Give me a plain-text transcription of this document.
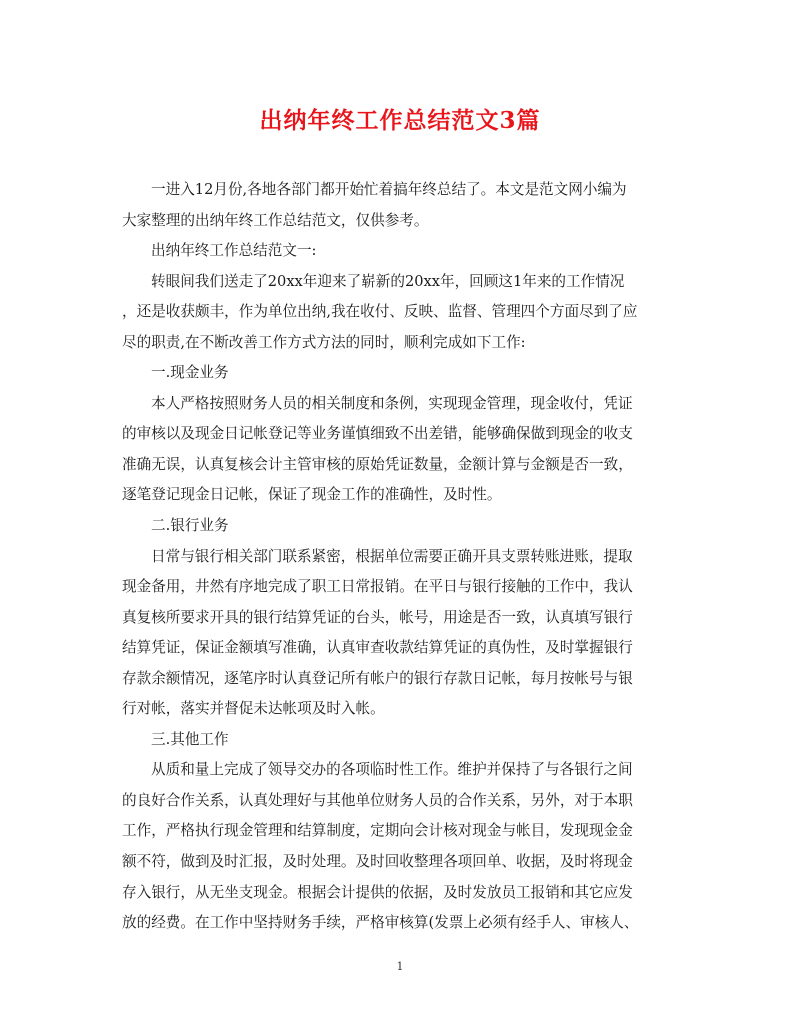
出纳年终工作总结范文3篇
一进入12月份,各地各部门都开始忙着搞年终总结了。本文是范文网小编为
大家整理的出纳年终工作总结范文，仅供参考。
出纳年终工作总结范文一:
转眼间我们送走了20xx年迎来了崭新的20xx年，回顾这1年来的工作情况
，还是收获颇丰，作为单位出纳,我在收付、反映、监督、管理四个方面尽到了应
尽的职责,在不断改善工作方式方法的同时，顺利完成如下工作:
一.现金业务
本人严格按照财务人员的相关制度和条例，实现现金管理，现金收付，凭证
的审核以及现金日记帐登记等业务谨慎细致不出差错，能够确保做到现金的收支
准确无误，认真复核会计主管审核的原始凭证数量，金额计算与金额是否一致，
逐笔登记现金日记帐，保证了现金工作的准确性，及时性。
二.银行业务
日常与银行相关部门联系紧密，根据单位需要正确开具支票转账进账，提取
现金备用，井然有序地完成了职工日常报销。在平日与银行接触的工作中，我认
真复核所要求开具的银行结算凭证的台头，帐号，用途是否一致，认真填写银行
结算凭证，保证金额填写准确，认真审查收款结算凭证的真伪性，及时掌握银行
存款余额情况，逐笔序时认真登记所有帐户的银行存款日记帐，每月按帐号与银
行对帐，落实并督促未达帐项及时入帐。
三.其他工作
从质和量上完成了领导交办的各项临时性工作。维护并保持了与各银行之间
的良好合作关系，认真处理好与其他单位财务人员的合作关系，另外，对于本职
工作，严格执行现金管理和结算制度，定期向会计核对现金与帐目，发现现金金
额不符，做到及时汇报，及时处理。及时回收整理各项回单、收据，及时将现金
存入银行，从无坐支现金。根据会计提供的依据，及时发放员工报销和其它应发
放的经费。在工作中坚持财务手续，严格审核算(发票上必须有经手人、审核人、
1
